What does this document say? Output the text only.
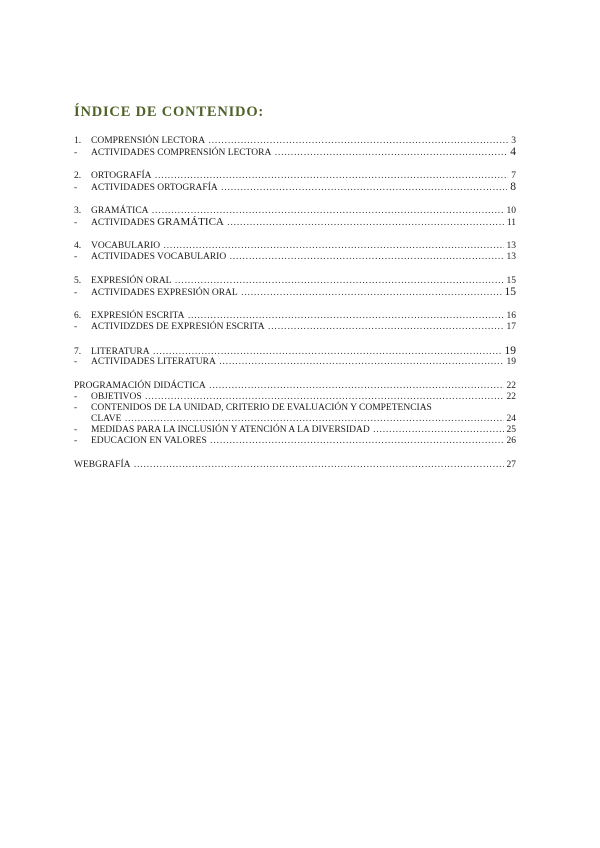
ÍNDICE DE CONTENIDO:
1.	COMPRENSIÓN LECTORA …………………………………………………………………………………………………………………………………………………	3
-	ACTIVIDADES COMPRENSIÓN LECTORA …………………………………………………………………………………………………………………………………………………	4
2.	ORTOGRAFÍA …………………………………………………………………………………………………………………………………………………	7
-	ACTIVIDADES ORTOGRAFÍA …………………………………………………………………………………………………………………………………………………	8
3.	GRAMÁTICA …………………………………………………………………………………………………………………………………………………	10
-	ACTIVIDADES GRAMÁTICA …………………………………………………………………………………………………………………………………………………	11
4.	VOCABULARIO …………………………………………………………………………………………………………………………………………………	13
-	ACTIVIDADES VOCABULARIO …………………………………………………………………………………………………………………………………………………	13
5.	EXPRESIÓN ORAL …………………………………………………………………………………………………………………………………………………	15
-	ACTIVIDADES EXPRESIÓN ORAL …………………………………………………………………………………………………………………………………………………	15
6.	EXPRESIÓN ESCRITA …………………………………………………………………………………………………………………………………………………	16
-	ACTIVIDZDES DE EXPRESIÓN ESCRITA …………………………………………………………………………………………………………………………………………………	17
7.	LITERATURA …………………………………………………………………………………………………………………………………………………	19
-	ACTIVIDADES LITERATURA …………………………………………………………………………………………………………………………………………………	19
PROGRAMACIÓN DIDÁCTICA …………………………………………………………………………………………………………………………………………………	22
-	OBJETIVOS …………………………………………………………………………………………………………………………………………………	22
-	CONTENIDOS DE LA UNIDAD, CRITERIO DE EVALUACIÓN Y COMPETENCIAS
CLAVE …………………………………………………………………………………………………………………………………………………	24
-	MEDIDAS PARA LA INCLUSIÓN Y ATENCIÓN A LA DIVERSIDAD …………………………………………………………………………………………………………………………………………………	25
-	EDUCACION EN VALORES …………………………………………………………………………………………………………………………………………………	26
WEBGRAFÍA …………………………………………………………………………………………………………………………………………………	27
